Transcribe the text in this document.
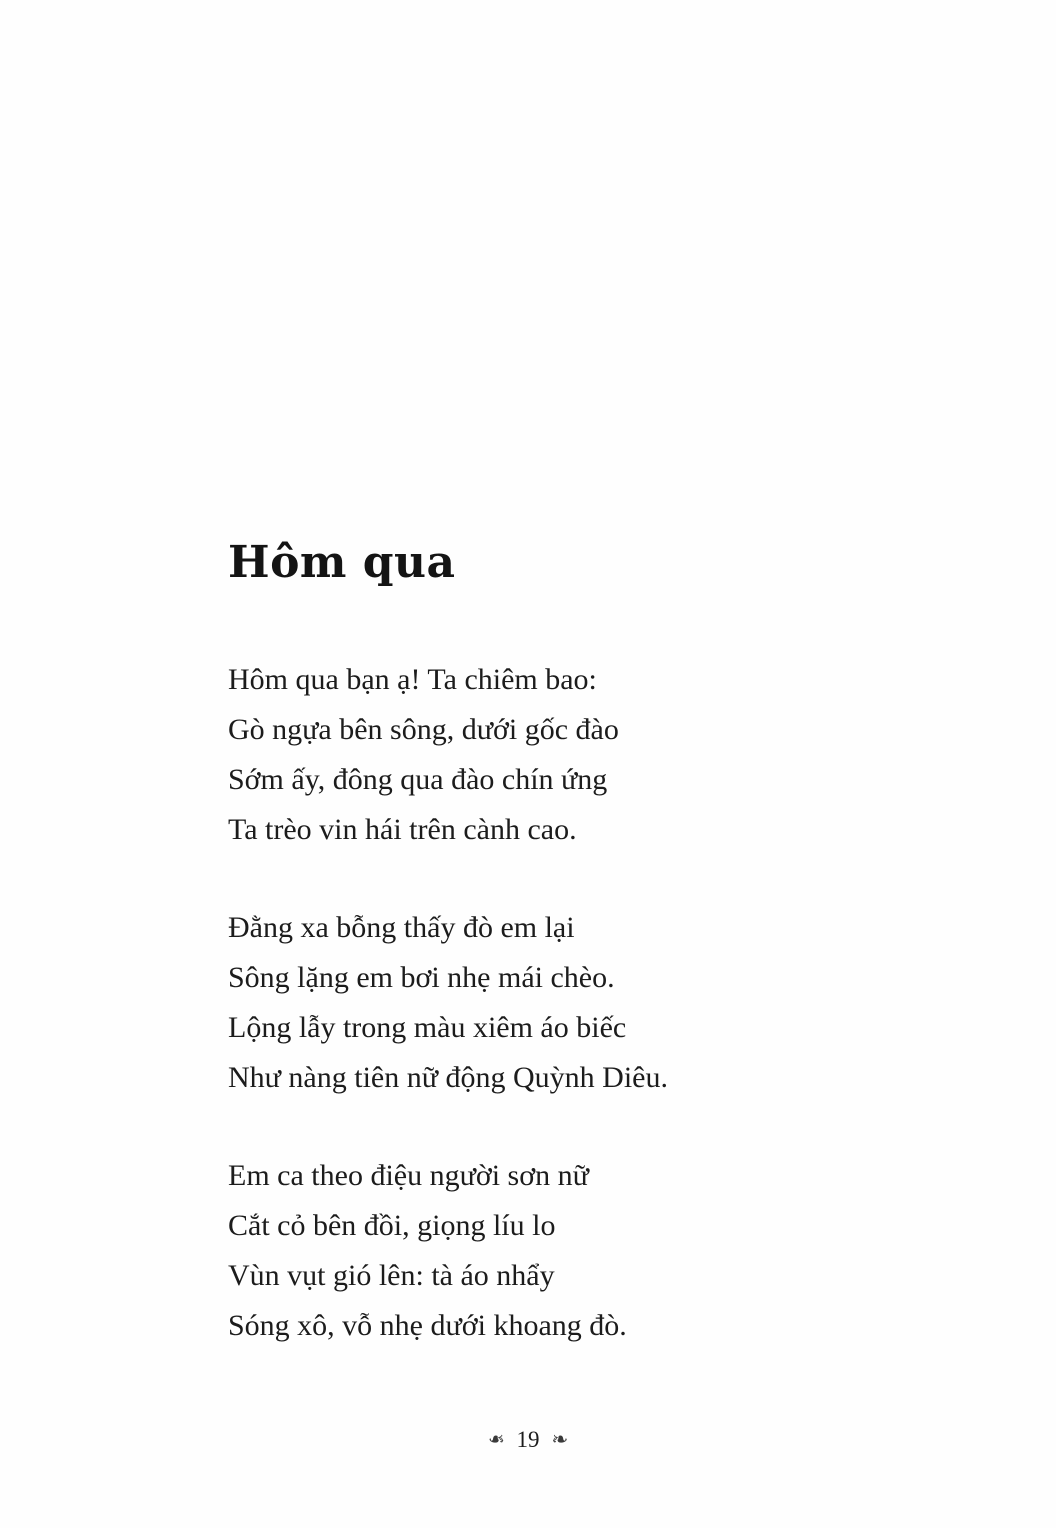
Hôm qua
Hôm qua bạn ạ! Ta chiêm bao:
Gò ngựa bên sông, dưới gốc đào
Sớm ấy, đông qua đào chín ứng
Ta trèo vin hái trên cành cao.
Đằng xa bỗng thấy đò em lại
Sông lặng em bơi nhẹ mái chèo.
Lộng lẫy trong màu xiêm áo biếc
Như nàng tiên nữ động Quỳnh Diêu.
Em ca theo điệu người sơn nữ
Cắt cỏ bên đồi, giọng líu lo
Vùn vụt gió lên: tà áo nhẩy
Sóng xô, vỗ nhẹ dưới khoang đò.
❧ 19 ❧
